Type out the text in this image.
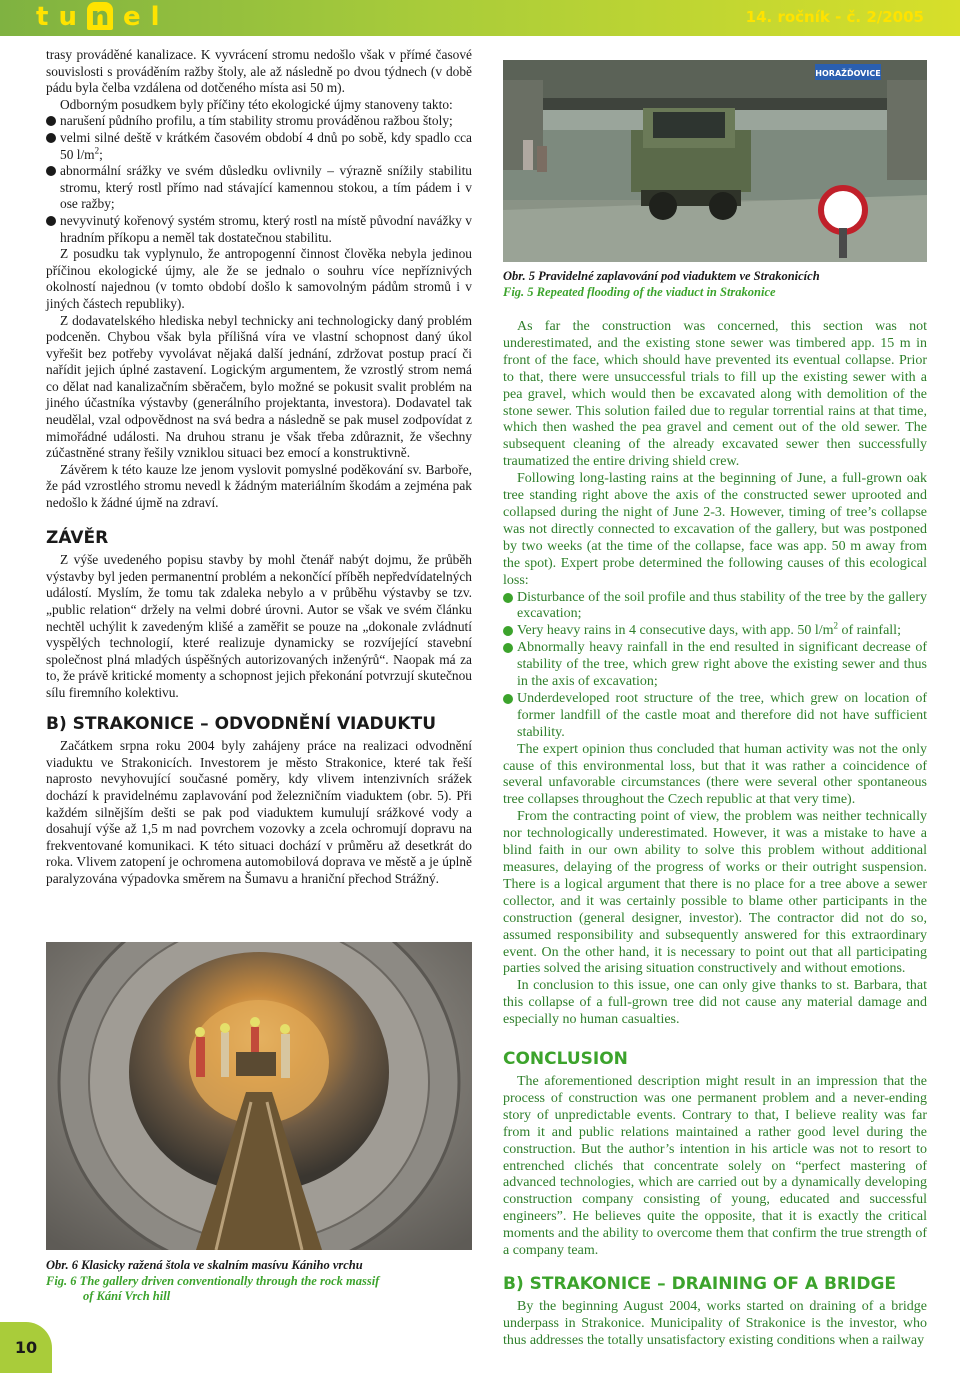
tu n el	14. ročník - č. 2/2005

trasy prováděné kanalizace. K vyvrácení stromu nedošlo však v přímé časové souvislosti s prováděním ražby štoly, ale až následně po dvou týdnech (v době pádu byla čelba vzdálena od dotčeného místa asi 50 m).

Odborným posudkem byly příčiny této ekologické újmy stanoveny takto:

narušení půdního profilu, a tím stability stromu prováděnou ražbou štoly;
velmi silné deště v krátkém časovém období 4 dnů po sobě, kdy spadlo cca 50 $l/m^2$;
abnormální srážky ve svém důsledku ovlivnily – výrazně snížily stabilitu stromu, který rostl přímo nad stávající kamennou stokou, a tím pádem i v ose ražby;
nevyvinutý kořenový systém stromu, který rostl na místě původní navážky v hradním příkopu a neměl tak dostatečnou stabilitu.

Z posudku tak vyplynulo, že antropogenní činnost člověka nebyla jedinou příčinou ekologické újmy, ale že se jednalo o souhru více nepříznivých okolností najednou (v tomto období došlo k samovolným pádům stromů i v jiných částech republiky).

Z dodavatelského hlediska nebyl technicky ani technologicky daný problém podceněn. Chybou však byla přílišná víra ve vlastní schopnost daný úkol vyřešit bez potřeby vyvolávat nějaká další jednání, zdržovat postup prací či nařídit jejich úplné zastavení. Logickým argumentem, že vzrostlý strom nemá co dělat nad kanalizačním sběračem, bylo možné se pokusit svalit problém na jiného účastníka výstavby (generálního projektanta, investora). Dodavatel tak neudělal, vzal odpovědnost na svá bedra a následně se pak musel zodpovídat z mimořádné události. Na druhou stranu je však třeba zdůraznit, že všechny zúčastněné strany řešily vzniklou situaci bez emocí a konstruktivně.

Závěrem k této kauze lze jenom vyslovit pomyslné poděkování sv. Barboře, že pád vzrostlého stromu nevedl k žádným materiálním škodám a zejména pak nedošlo k žádné újmě na zdraví.

ZÁVĚR

Z výše uvedeného popisu stavby by mohl čtenář nabýt dojmu, že průběh výstavby byl jeden permanentní problém a nekončící příběh nepředvídatelných událostí. Myslím, že tomu tak zdaleka nebylo a v průběhu výstavby se tzv. „public relation“ držely na velmi dobré úrovni. Autor se však ve svém článku nechtěl uchýlit k zavedeným klišé a zaměřit se pouze na „dokonale zvládnutí vyspělých technologií, které realizuje dynamicky se rozvíjející stavební společnost plná mladých úspěšných autorizovaných inženýrů“. Naopak má za to, že právě kritické momenty a schopnost jejich překonání potvrzují skutečnou sílu firemního kolektivu.

B) STRAKONICE – ODVODNĚNÍ VIADUKTU

Začátkem srpna roku 2004 byly zahájeny práce na realizaci odvodnění viaduktu ve Strakonicích. Investorem je město Strakonice, které tak řeší naprosto nevyhovující současné poměry, kdy vlivem intenzivních srážek dochází k pravidelnému zaplavování pod železničním viaduktem (obr. 5). Při každém silnějším dešti se pak pod viaduktem kumulují srážkové vody a dosahují výše až 1,5 m nad povrchem vozovky a zcela ochromují dopravu na frekventované komunikaci. K této situaci dochází v průměru až desetkrát do roka. Vlivem zatopení je ochromena automobilová doprava ve městě a je úplně paralyzována výpadovka směrem na Šumavu a hraniční přechod Strážný.

Obr. 6 Klasicky ražená štola ve skalním masívu Kániho vrchu
Fig. 6 The gallery driven conventionally through the rock massif
of Kání Vrch hill
HORAŽĎOVICE
Obr. 5 Pravidelné zaplavování pod viaduktem ve Strakonicích
Fig. 5 Repeated flooding of the viaduct in Strakonice

As far the construction was concerned, this section was not underestimated, and the existing stone sewer was timbered app. 15 m in front of the face, which should have prevented its eventual collapse. Prior to that, there were unsuccessful trials to fill up the existing sewer with a pea gravel, which would then be excavated along with demolition of the stone sewer. This solution failed due to regular torrential rains at that time, which then washed the pea gravel and cement out of the old sewer. The subsequent cleaning of the already excavated sewer then successfully traumatized the entire driving shield crew.

Following long-lasting rains at the beginning of June, a full-grown oak tree standing right above the axis of the constructed sewer uprooted and collapsed during the night of June 2-3. However, timing of tree’s collapse was not directly connected to excavation of the gallery, but was postponed by two weeks (at the time of the collapse, face was app. 50 m away from the spot). Expert probe determined the following causes of this ecological loss:

Disturbance of the soil profile and thus stability of the tree by the gallery excavation;
Very heavy rains in 4 consecutive days, with app. 50 $l/m^2$ of rainfall;
Abnormally heavy rainfall in the end resulted in significant decrease of stability of the tree, which grew right above the existing sewer and thus in the axis of excavation;
Underdeveloped root structure of the tree, which grew on location of former landfill of the castle moat and therefore did not have sufficient stability.

The expert opinion thus concluded that human activity was not the only cause of this environmental loss, but that it was rather a coincidence of several unfavorable circumstances (there were several other spontaneous tree collapses throughout the Czech republic at that very time).

From the contracting point of view, the problem was neither technically nor technologically underestimated. However, it was a mistake to have a blind faith in our own ability to solve this problem without additional measures, delaying of the progress of works or their outright suspension. There is a logical argument that there is no place for a tree above a sewer collector, and it was certainly possible to blame other participants in the construction (general designer, investor). The contractor did not do so, assumed responsibility and subsequently answered for this extraordinary event. On the other hand, it is necessary to point out that all participating parties solved the arising situation constructively and without emotions.

In conclusion to this issue, one can only give thanks to st. Barbara, that this collapse of a full-grown tree did not cause any material damage and especially no human casualties.

CONCLUSION

The aforementioned description might result in an impression that the process of construction was one permanent problem and a never-ending story of unpredictable events. Contrary to that, I believe reality was far from it and public relations maintained a rather good level during the construction. But the author’s intention in his article was not to resort to entrenched clichés that concentrate solely on “perfect mastering of advanced technologies, which are carried out by a dynamically developing construction company consisting of young, educated and successful engineers”. He believes quite the opposite, that it is exactly the critical moments and the ability to overcome them that confirm the true strength of a company team.

B) STRAKONICE – DRAINING OF A BRIDGE

By the beginning August 2004, works started on draining of a bridge underpass in Strakonice. Municipality of Strakonice is the investor, who thus addresses the totally unsatisfactory existing conditions when a railway

10
